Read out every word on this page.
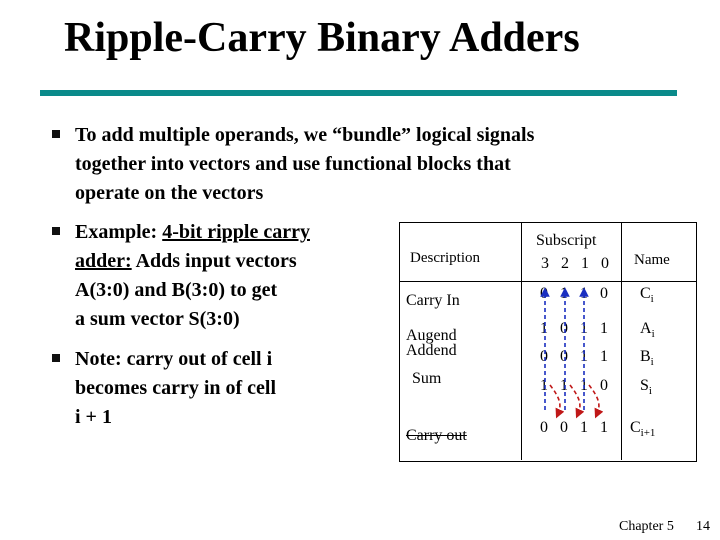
Ripple-Carry Binary Adders
To add multiple operands, we “bundle” logical signals
together into vectors and use functional blocks that
operate on the vectors
Example: 4-bit ripple carry
adder: Adds input vectors
A(3:0) and B(3:0) to get
a sum vector S(3:0)
Note: carry out of cell i
becomes carry in of cell
i + 1
Description
Subscript
3 2 1 0 Name
Carry In	0 1 1 0 $C_i$
Augend	1 0 1 1 $A_i$
Addend	0 0 1 1 $B_i$
Sum	1 1 1 0 $S_i$
Carry out	0 0 1 1 $C_{i+1}$
Chapter 5 14
